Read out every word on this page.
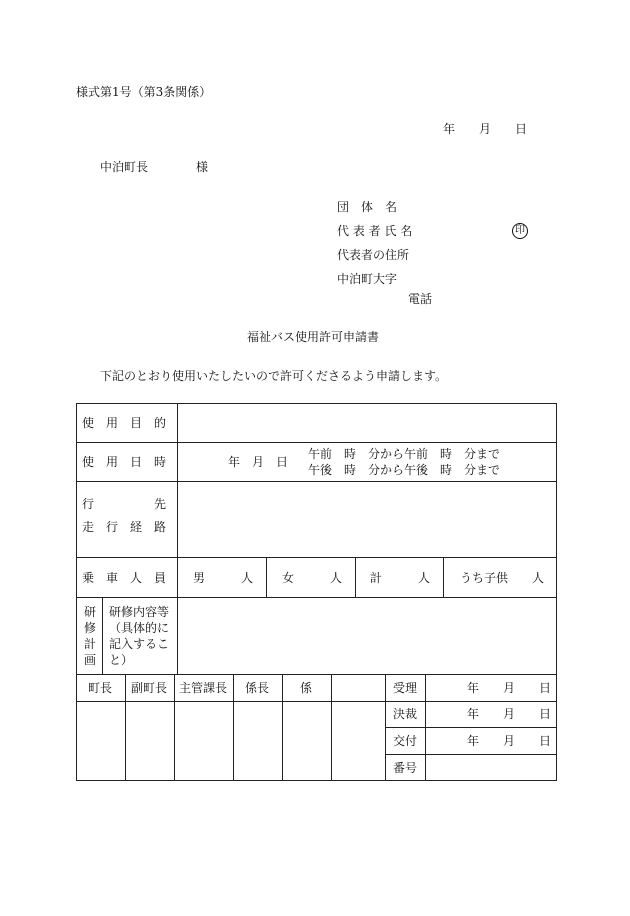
様式第1号（第3条関係）
年　　月　　日
中泊町長	様
団　体　名
代 表 者 氏 名	印
代表者の住所
中泊町大字
電話
福祉バス使用許可申請書
下記のとおり使用いたしたいので許可くださるよう申請します。
使　用　目　的
使　用　日　時	年　月　日
午前　時　分から午前　時　分まで
午後　時　分から午後　時　分まで
行　　　　　先
走　行　経　路
乗　車　人　員 男　　　人 女　　　人 計　　　人 うち子供　　人
研
修
計
画
研修内容等
（具体的に
記入するこ
と）
町長 副町長 主管課長 係長	係	受理	年　　月　　日
決裁	年　　月　　日
交付	年　　月　　日
番号
